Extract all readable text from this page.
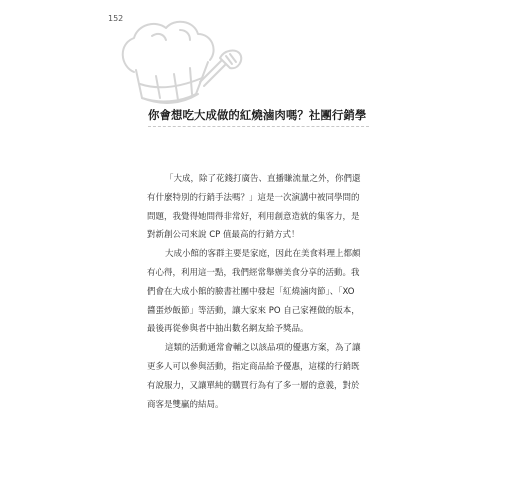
152
你會想吃大成做的紅燒滷肉嗎？社團行銷學
「大成，除了花錢打廣告、直播賺流量之外，你們還
有什麼特別的行銷手法嗎？」這是一次演講中被同學問的
問題，我覺得她問得非常好，利用創意造就的集客力，是
對新創公司來說 CP 值最高的行銷方式！
大成小館的客群主要是家庭，因此在美食料理上都頗
有心得，利用這一點，我們經常舉辦美食分享的活動。我
們會在大成小館的臉書社團中發起「紅燒滷肉節」、「XO
醬蛋炒飯節」等活動，讓大家來 PO 自己家裡做的版本，
最後再從參與者中抽出數名網友給予獎品。
這類的活動通常會輔之以該品項的優惠方案，為了讓
更多人可以參與活動，指定商品給予優惠，這樣的行銷既
有說服力，又讓單純的購買行為有了多一層的意義，對於
商客是雙贏的結局。
